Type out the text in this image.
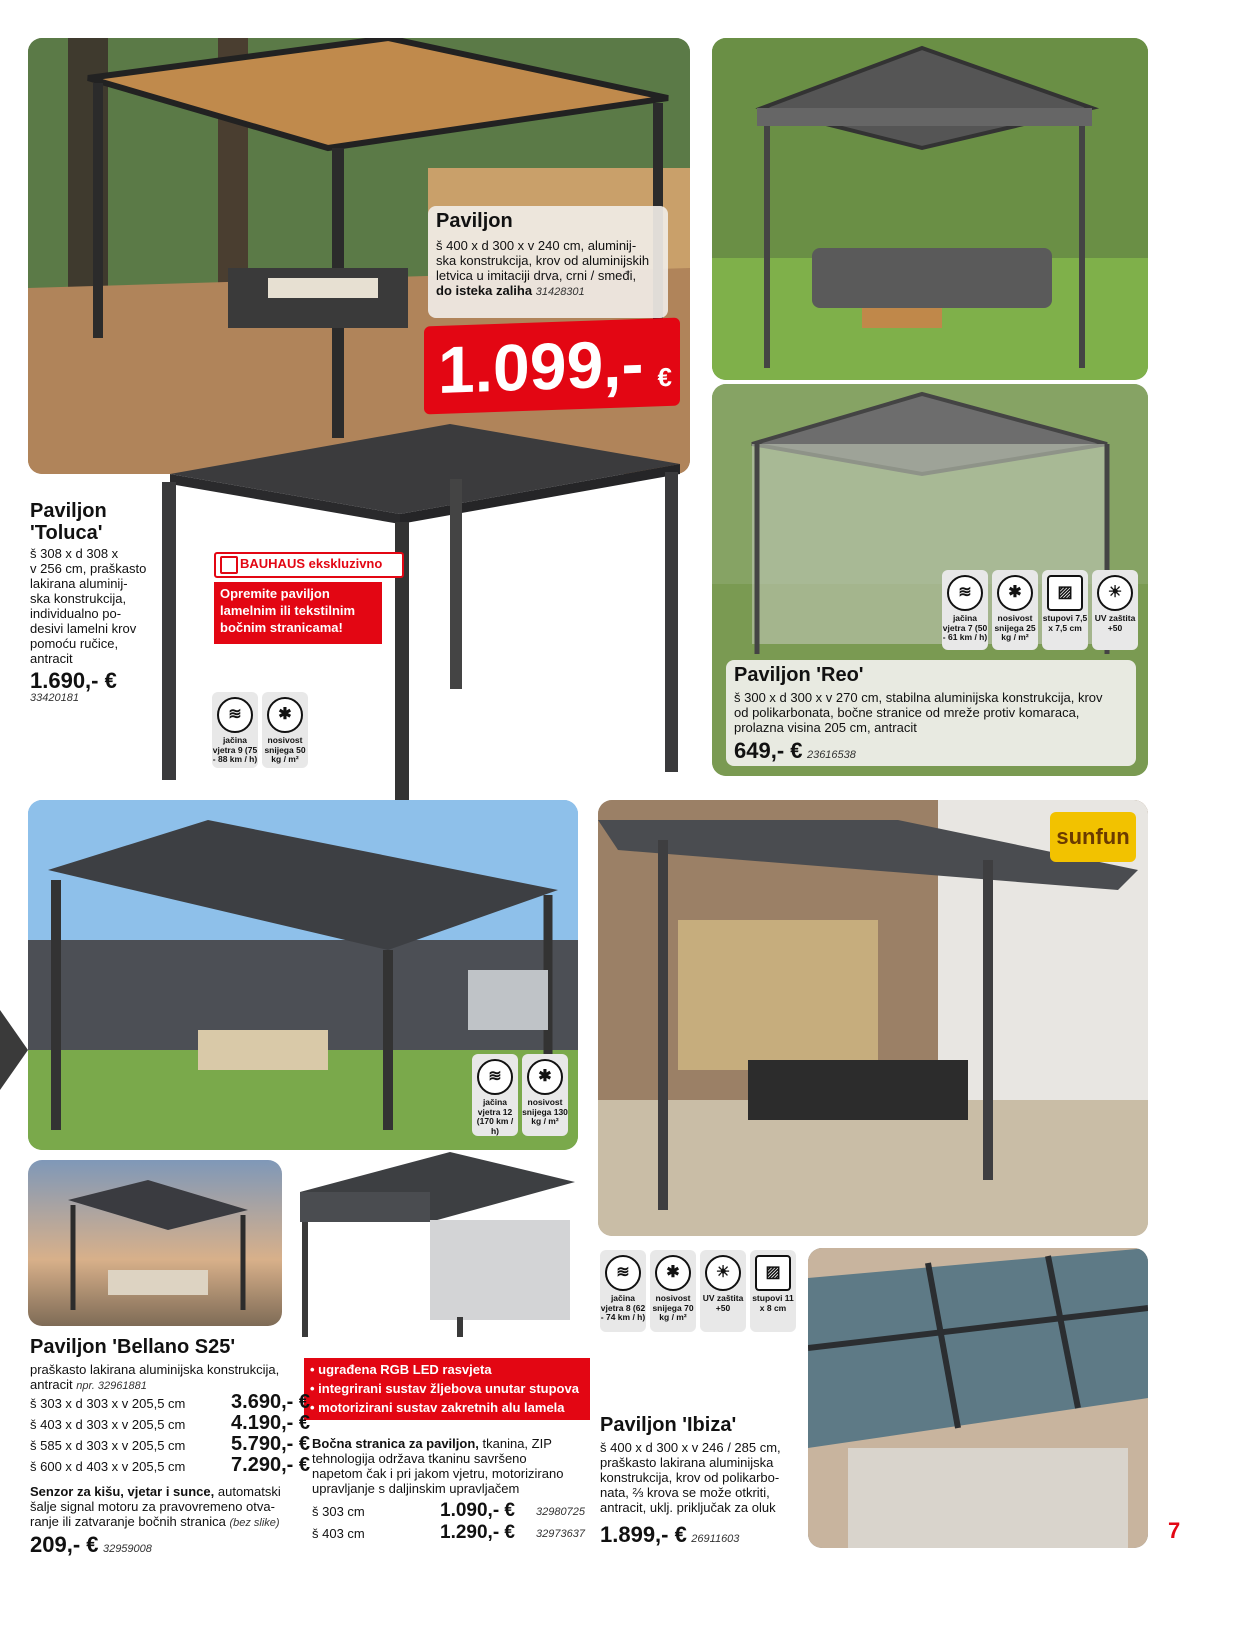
sunfun
Paviljon
š 400 x d 300 x v 240 cm, aluminij-
ska konstrukcija, krov od aluminijskih
letvica u imitaciji drva, crni / smeđi,
do isteka zaliha 31428301
1.099,- €
Paviljon
'Toluca'
š 308 x d 308 x
v 256 cm, praškasto
lakirana aluminij-
ska konstrukcija,
individualno po-
desivi lamelni krov
pomoću ručice,
antracit
1.690,- €
33420181
BAUHAUS ekskluzivno
Opremite paviljon
lamelnim ili tekstilnim
bočnim stranicama!
≋
jačina vjetra 9 (75 - 88 km / h)
✱
nosivost snijega 50 kg / m²
≋
jačina vjetra 7 (50 - 61 km / h)
✱
nosivost snijega 25 kg / m²
▨
stupovi 7,5 x 7,5 cm
☀
UV zaštita +50
Paviljon 'Reo'
š 300 x d 300 x v 270 cm, stabilna aluminijska konstrukcija, krov
od polikarbonata, bočne stranice od mreže protiv komaraca,
prolazna visina 205 cm, antracit
649,- € 23616538
≋
jačina vjetra 12 (170 km / h)
✱
nosivost snijega 130 kg / m²
• ugrađena RGB LED rasvjeta
• integrirani sustav žljebova unutar stupova
• motorizirani sustav zakretnih alu lamela
Paviljon 'Bellano S25'
praškasto lakirana aluminijska konstrukcija,
antracit npr. 32961881
š 303 x d 303 x v 205,5 cm	3.690,- €
š 403 x d 303 x v 205,5 cm	4.190,- €
š 585 x d 303 x v 205,5 cm	5.790,- €
š 600 x d 403 x v 205,5 cm	7.290,- €
Senzor za kišu, vjetar i sunce, automatski
šalje signal motoru za pravovremeno otva-
ranje ili zatvaranje bočnih stranica (bez slike)
209,- € 32959008
Bočna stranica za paviljon, tkanina, ZIP
tehnologija održava tkaninu savršeno
napetom čak i pri jakom vjetru, motorizirano
upravljanje s daljinskim upravljačem
š 303 cm	1.090,- € 32980725
š 403 cm	1.290,- € 32973637
≋
jačina vjetra 8 (62 - 74 km / h)
✱
nosivost snijega 70 kg / m²
☀
UV zaštita +50
▨
stupovi 11 x 8 cm
Paviljon 'Ibiza'
š 400 x d 300 x v 246 / 285 cm,
praškasto lakirana aluminijska
konstrukcija, krov od polikarbo-
nata, ⅔ krova se može otkriti,
antracit, uklj. priključak za oluk
1.899,- € 26911603	7
